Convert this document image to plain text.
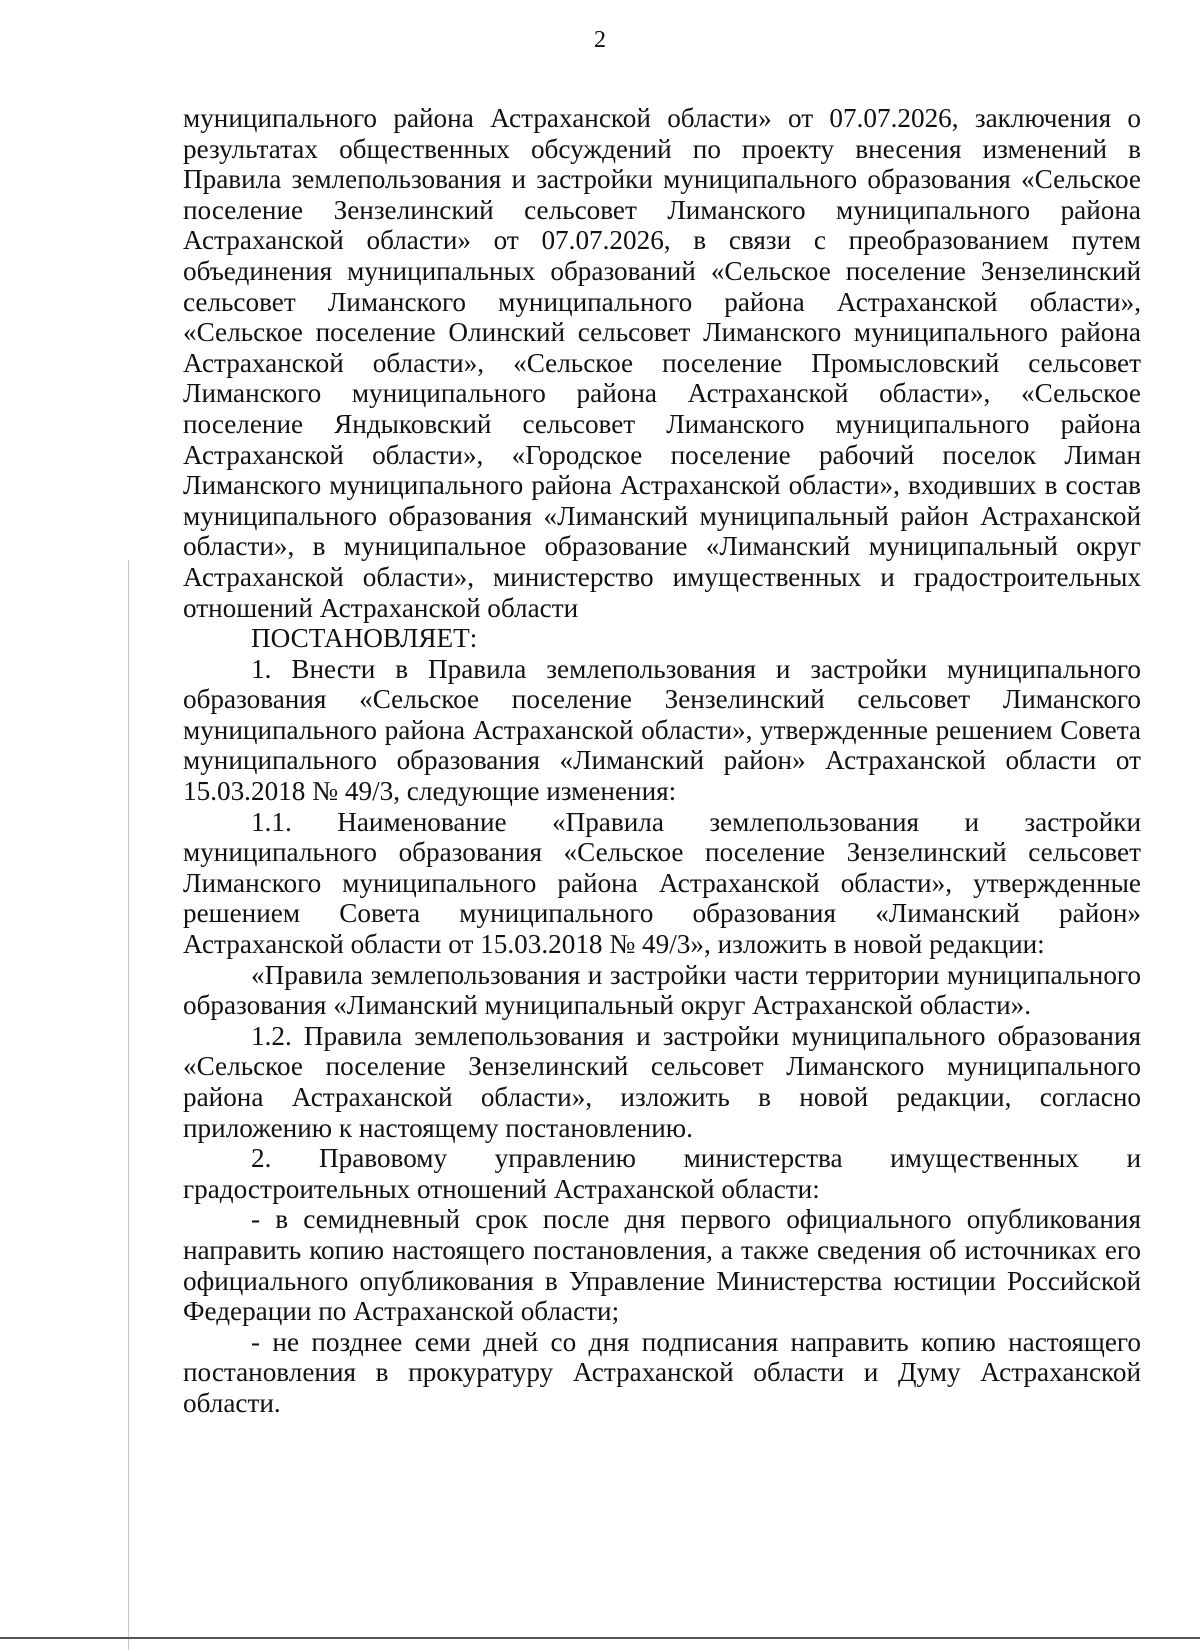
2

муниципального района Астраханской области» от 07.07.2026, заключения о результатах общественных обсуждений по проекту внесения изменений в Правила землепользования и застройки муниципального образования «Сельское поселение Зензелинский сельсовет Лиманского муниципального района Астраханской области» от 07.07.2026, в связи с преобразованием путем объединения муниципальных образований «Сельское поселение Зензелинский сельсовет Лиманского муниципального района Астраханской области», «Сельское поселение Олинский сельсовет Лиманского муниципального района Астраханской области», «Сельское поселение Промысловский сельсовет Лиманского муниципального района Астраханской области», «Сельское поселение Яндыковский сельсовет Лиманского муниципального района Астраханской области», «Городское поселение рабочий поселок Лиман Лиманского муниципального района Астраханской области», входивших в состав муниципального образования «Лиманский муниципальный район Астраханской области», в муниципальное образование «Лиманский муниципальный округ Астраханской области», министерство имущественных и градостроительных отношений Астраханской области

ПОСТАНОВЛЯЕТ:

1. Внести в Правила землепользования и застройки муниципального образования «Сельское поселение Зензелинский сельсовет Лиманского муниципального района Астраханской области», утвержденные решением Совета муниципального образования «Лиманский район» Астраханской области от 15.03.2018 № 49/3, следующие изменения:

1.1. Наименование «Правила землепользования и застройки муниципального образования «Сельское поселение Зензелинский сельсовет Лиманского муниципального района Астраханской области», утвержденные решением Совета муниципального образования «Лиманский район» Астраханской области от 15.03.2018 № 49/3», изложить в новой редакции:

«Правила землепользования и застройки части территории муниципального образования «Лиманский муниципальный округ Астраханской области».

1.2. Правила землепользования и застройки муниципального образования «Сельское поселение Зензелинский сельсовет Лиманского муниципального района Астраханской области», изложить в новой редакции, согласно приложению к настоящему постановлению.

2. Правовому управлению министерства имущественных и градостроительных отношений Астраханской области:

- в семидневный срок после дня первого официального опубликования направить копию настоящего постановления, а также сведения об источниках его официального опубликования в Управление Министерства юстиции Российской Федерации по Астраханской области;

- не позднее семи дней со дня подписания направить копию настоящего постановления в прокуратуру Астраханской области и Думу Астраханской области.
